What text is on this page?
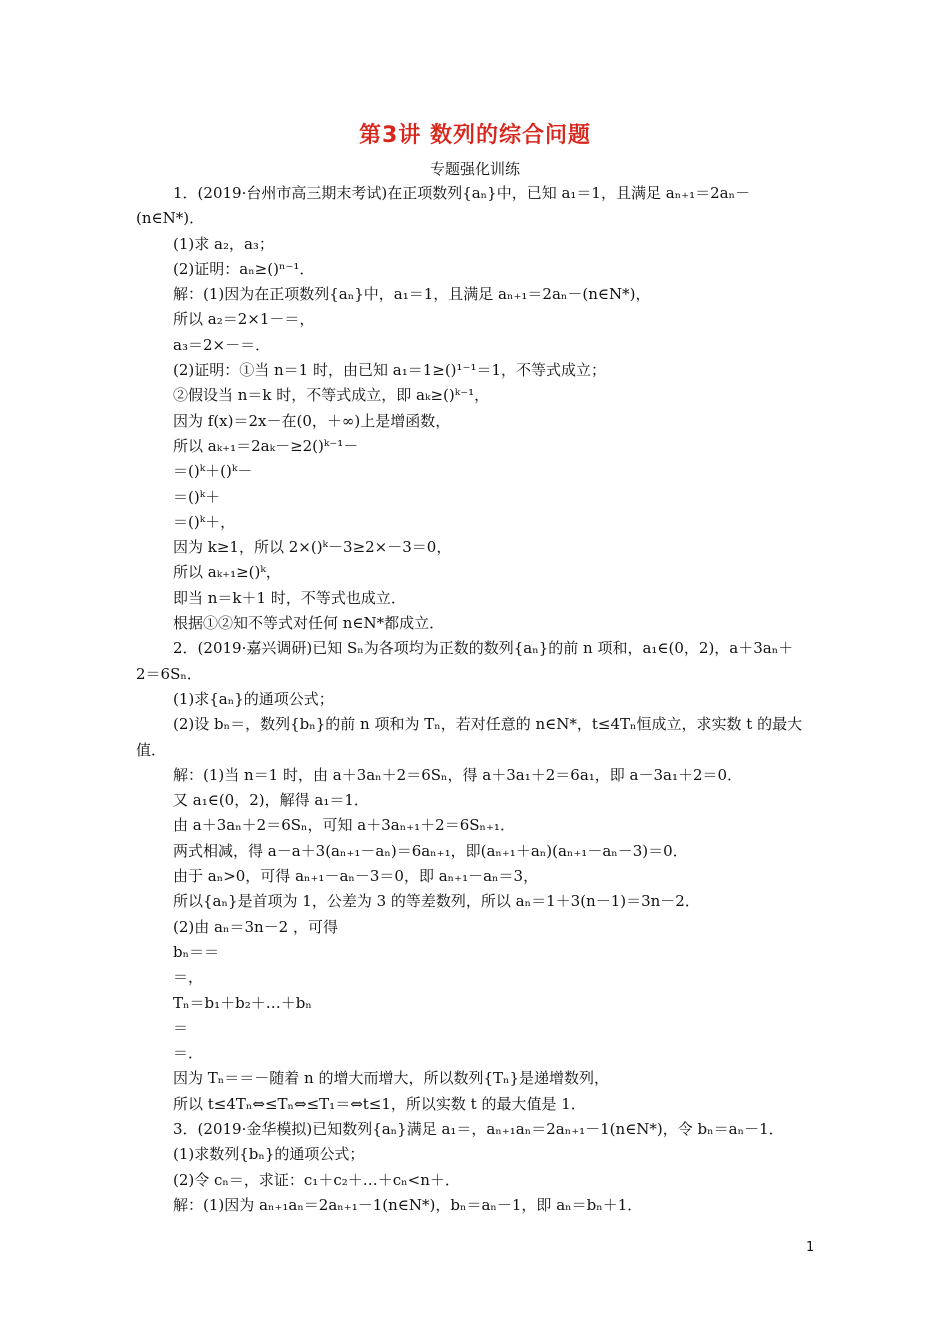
第3讲 数列的综合问题
专题强化训练
1．(2019·台州市高三期末考试)在正项数列{aₙ}中，已知 a₁＝1，且满足 aₙ₊₁＝2aₙ－
(n∈N*)．
(1)求 a₂，a₃；
(2)证明：aₙ≥()ⁿ⁻¹．
解：(1)因为在正项数列{aₙ}中，a₁＝1，且满足 aₙ₊₁＝2aₙ－(n∈N*)，
所以 a₂＝2×1－＝，
a₃＝2×－＝．
(2)证明：①当 n＝1 时，由已知 a₁＝1≥()¹⁻¹＝1，不等式成立；
②假设当 n＝k 时，不等式成立，即 aₖ≥()ᵏ⁻¹，
因为 f(x)＝2x－在(0，＋∞)上是增函数，
所以 aₖ₊₁＝2aₖ－≥2()ᵏ⁻¹－
＝()ᵏ＋()ᵏ－
＝()ᵏ＋
＝()ᵏ＋，
因为 k≥1，所以 2×()ᵏ－3≥2×－3＝0，
所以 aₖ₊₁≥()ᵏ，
即当 n＝k＋1 时，不等式也成立．
根据①②知不等式对任何 n∈N*都成立．
2．(2019·嘉兴调研)已知 Sₙ为各项均为正数的数列{aₙ}的前 n 项和，a₁∈(0，2)，a＋3aₙ＋
2＝6Sₙ．
(1)求{aₙ}的通项公式；
(2)设 bₙ＝，数列{bₙ}的前 n 项和为 Tₙ，若对任意的 n∈N*，t≤4Tₙ恒成立，求实数 t 的最大
值．
解：(1)当 n＝1 时，由 a＋3aₙ＋2＝6Sₙ，得 a＋3a₁＋2＝6a₁，即 a－3a₁＋2＝0．
又 a₁∈(0，2)，解得 a₁＝1．
由 a＋3aₙ＋2＝6Sₙ，可知 a＋3aₙ₊₁＋2＝6Sₙ₊₁．
两式相减，得 a－a＋3(aₙ₊₁－aₙ)＝6aₙ₊₁，即(aₙ₊₁＋aₙ)(aₙ₊₁－aₙ－3)＝0．
由于 aₙ>0，可得 aₙ₊₁－aₙ－3＝0，即 aₙ₊₁－aₙ＝3，
所以{aₙ}是首项为 1，公差为 3 的等差数列，所以 aₙ＝1＋3(n－1)＝3n－2．
(2)由 aₙ＝3n－2 ，可得
bₙ＝＝
＝，
Tₙ＝b₁＋b₂＋…＋bₙ
＝
＝．
因为 Tₙ＝＝－随着 n 的增大而增大，所以数列{Tₙ}是递增数列，
所以 t≤4Tₙ⇔≤Tₙ⇔≤T₁＝⇔t≤1，所以实数 t 的最大值是 1．
3．(2019·金华模拟)已知数列{aₙ}满足 a₁＝，aₙ₊₁aₙ＝2aₙ₊₁－1(n∈N*)，令 bₙ＝aₙ－1．
(1)求数列{bₙ}的通项公式；
(2)令 cₙ＝，求证：c₁＋c₂＋…＋cₙ<n＋．
解：(1)因为 aₙ₊₁aₙ＝2aₙ₊₁－1(n∈N*)，bₙ＝aₙ－1，即 aₙ＝bₙ＋1．
1
